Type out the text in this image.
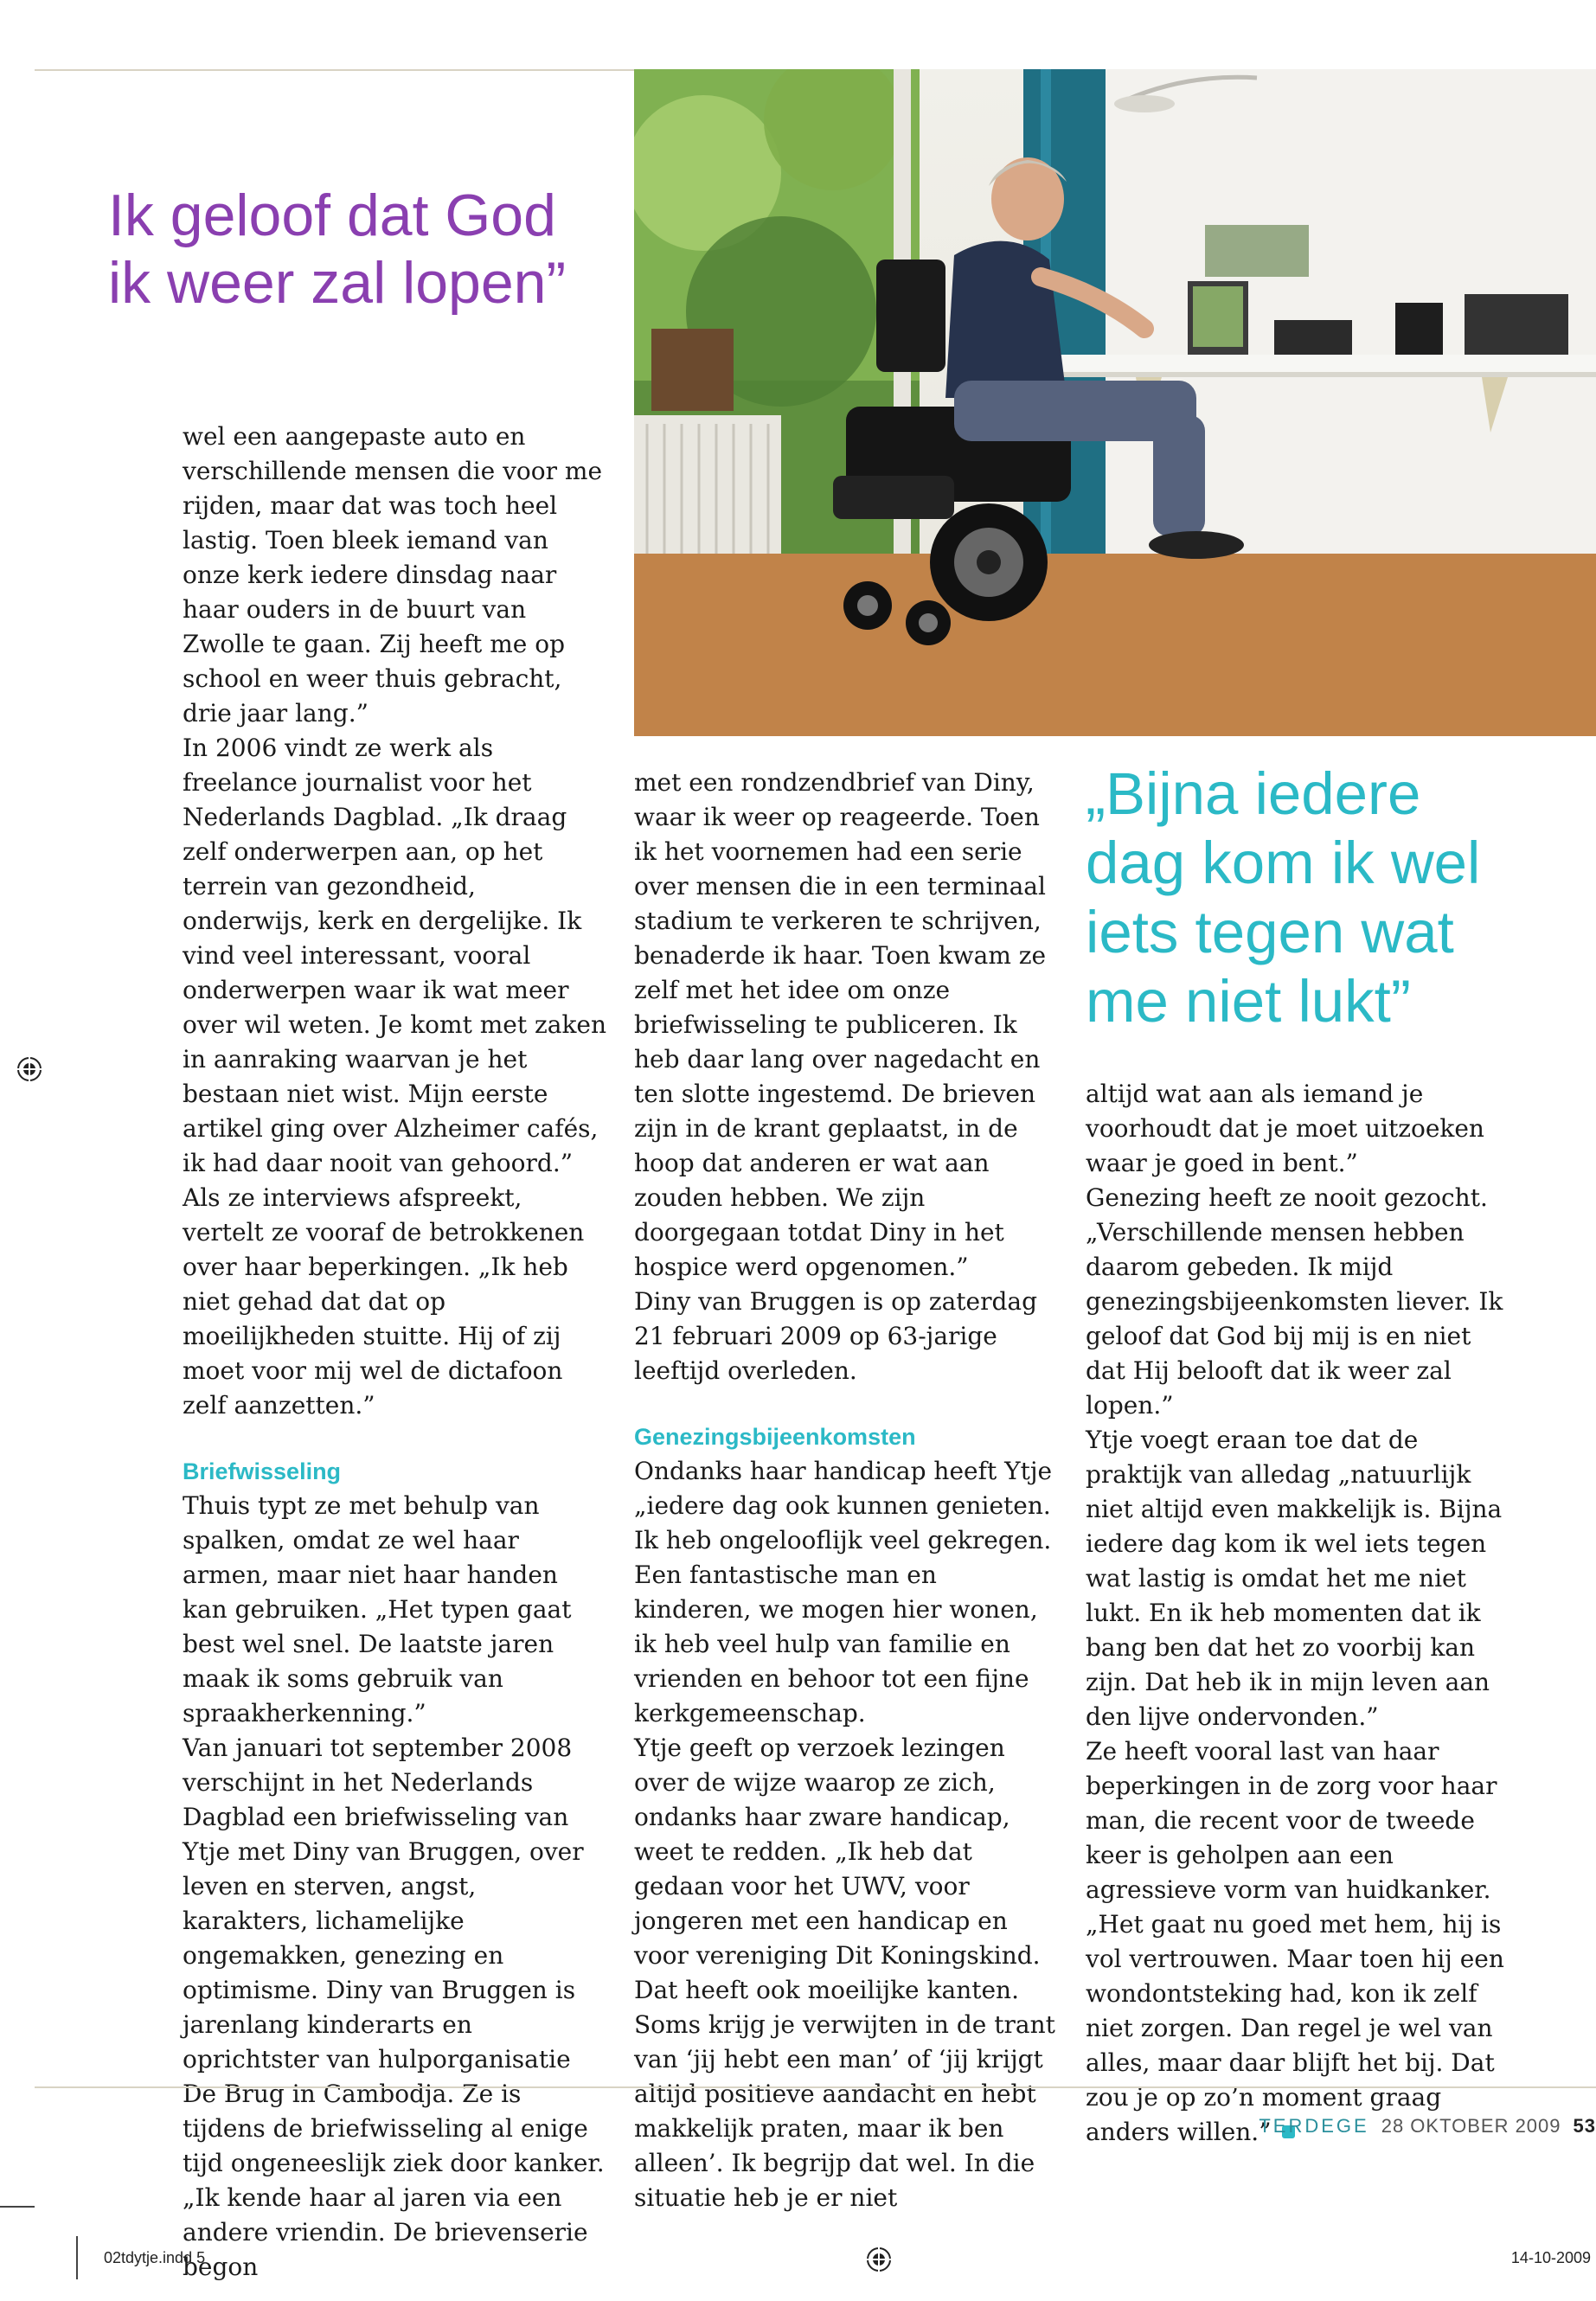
Ik geloof dat God
ik weer zal lopen”

wel een aangepaste auto en verschillende mensen die voor me rijden, maar dat was toch heel lastig. Toen bleek iemand van onze kerk iedere dinsdag naar haar ouders in de buurt van Zwolle te gaan. Zij heeft me op school en weer thuis gebracht, drie jaar lang.”

In 2006 vindt ze werk als freelance journalist voor het Nederlands Dagblad. „Ik draag zelf onderwerpen aan, op het terrein van gezondheid, onderwijs, kerk en dergelijke. Ik vind veel interessant, vooral onderwerpen waar ik wat meer over wil weten. Je komt met zaken in aanraking waarvan je het bestaan niet wist. Mijn eerste artikel ging over Alzheimer cafés, ik had daar nooit van gehoord.”

Als ze interviews afspreekt, vertelt ze vooraf de betrokkenen over haar beperkingen. „Ik heb niet gehad dat dat op moeilijkheden stuitte. Hij of zij moet voor mij wel de dictafoon zelf aanzetten.”

Briefwisseling

Thuis typt ze met behulp van spalken, omdat ze wel haar armen, maar niet haar handen kan gebruiken. „Het typen gaat best wel snel. De laatste jaren maak ik soms gebruik van spraakherkenning.”

Van januari tot september 2008 verschijnt in het Nederlands Dagblad een briefwisseling van Ytje met Diny van Bruggen, over leven en sterven, angst, karakters, lichamelijke ongemakken, genezing en optimisme. Diny van Bruggen is jarenlang kinderarts en oprichtster van hulporganisatie De Brug in Cambodja. Ze is tijdens de briefwisseling al enige tijd ongeneeslijk ziek door kanker.

„Ik kende haar al jaren via een andere vriendin. De brievenserie begon

met een rondzendbrief van Diny, waar ik weer op reageerde. Toen ik het voornemen had een serie over mensen die in een terminaal stadium te verkeren te schrijven, benaderde ik haar. Toen kwam ze zelf met het idee om onze briefwisseling te publiceren. Ik heb daar lang over nagedacht en ten slotte ingestemd. De brieven zijn in de krant geplaatst, in de hoop dat anderen er wat aan zouden hebben. We zijn doorgegaan totdat Diny in het hospice werd opgenomen.”

Diny van Bruggen is op zaterdag 21 februari 2009 op 63-jarige leeftijd overleden.

Genezingsbijeenkomsten

Ondanks haar handicap heeft Ytje „iedere dag ook kunnen genieten. Ik heb ongelooflijk veel gekregen. Een fantastische man en kinderen, we mogen hier wonen, ik heb veel hulp van familie en vrienden en behoor tot een fijne kerkgemeenschap.

Ytje geeft op verzoek lezingen over de wijze waarop ze zich, ondanks haar zware handicap, weet te redden. „Ik heb dat gedaan voor het UWV, voor jongeren met een handicap en voor vereniging Dit Koningskind. Dat heeft ook moeilijke kanten. Soms krijg je verwijten in de trant van ‘jij hebt een man’ of ‘jij krijgt altijd positieve aandacht en hebt makkelijk praten, maar ik ben alleen’. Ik begrijp dat wel. In die situatie heb je er niet

„Bijna iedere
dag kom ik wel
iets tegen wat
me niet lukt”

altijd wat aan als iemand je voorhoudt dat je moet uitzoeken waar je goed in bent.”

Genezing heeft ze nooit gezocht. „Verschillende mensen hebben daarom gebeden. Ik mijd genezingsbijeenkomsten liever. Ik geloof dat God bij mij is en niet dat Hij belooft dat ik weer zal lopen.”

Ytje voegt eraan toe dat de praktijk van alledag „natuurlijk niet altijd even makkelijk is. Bijna iedere dag kom ik wel iets tegen wat lastig is omdat het me niet lukt. En ik heb momenten dat ik bang ben dat het zo voorbij kan zijn. Dat heb ik in mijn leven aan den lijve ondervonden.”

Ze heeft vooral last van haar beperkingen in de zorg voor haar man, die recent voor de tweede keer is geholpen aan een agressieve vorm van huidkanker. „Het gaat nu goed met hem, hij is vol vertrouwen. Maar toen hij een wondontsteking had, kon ik zelf niet zorgen. Dan regel je wel van alles, maar daar blijft het bij. Dat zou je op zo’n moment graag anders willen.”

TERDEGE 28 OKTOBER 2009 53
02tdytje.indd 5	14-10-2009
